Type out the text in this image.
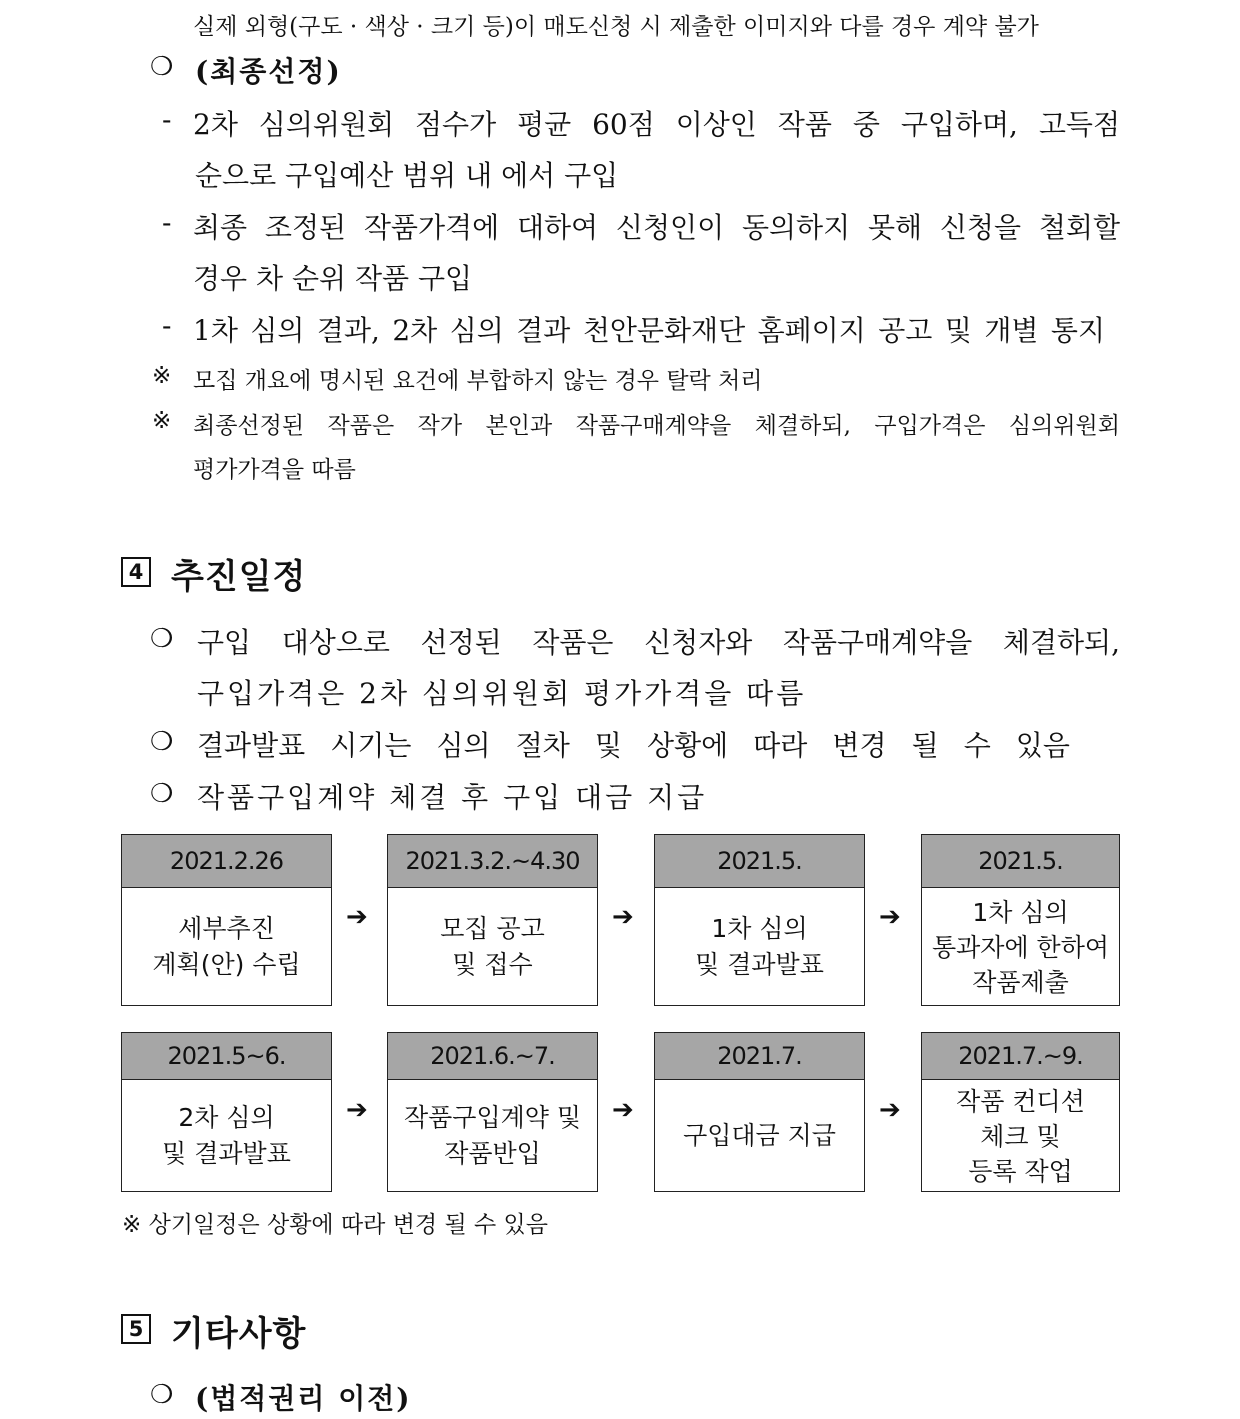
실제 외형(구도 · 색상 · 크기 등)이 매도신청 시 제출한 이미지와 다를 경우 계약 불가
❍ (최종선정)
- 2차 심의위원회 점수가 평균 60점 이상인 작품 중 구입하며, 고득점
순으로 구입예산 범위 내 에서 구입
- 최종 조정된 작품가격에 대하여 신청인이 동의하지 못해 신청을 철회할
경우 차 순위 작품 구입
- 1차 심의 결과, 2차 심의 결과 천안문화재단 홈페이지 공고 및 개별 통지
※ 모집 개요에 명시된 요건에 부합하지 않는 경우 탈락 처리
※ 최종선정된 작품은 작가 본인과 작품구매계약을 체결하되, 구입가격은 심의위원회
평가가격을 따름
4 추진일정
❍ 구입 대상으로 선정된 작품은 신청자와 작품구매계약을 체결하되,
구입가격은 2차 심의위원회 평가가격을 따름
❍ 결과발표 시기는 심의 절차 및 상황에 따라 변경 될 수 있음
❍ 작품구입계약 체결 후 구입 대금 지급
2021.2.26
세부추진
계획(안) 수립
➔
2021.3.2.~4.30
모집 공고
및 접수
➔
2021.5.
1차 심의
및 결과발표
➔
2021.5.
1차 심의
통과자에 한하여
작품제출
2021.5~6.
2차 심의
및 결과발표
➔
2021.6.~7.
작품구입계약 및
작품반입
➔
2021.7.
구입대금 지급
➔
2021.7.~9.
작품 컨디션
체크 및
등록 작업
※ 상기일정은 상황에 따라 변경 될 수 있음
5 기타사항
❍ (법적권리 이전)
